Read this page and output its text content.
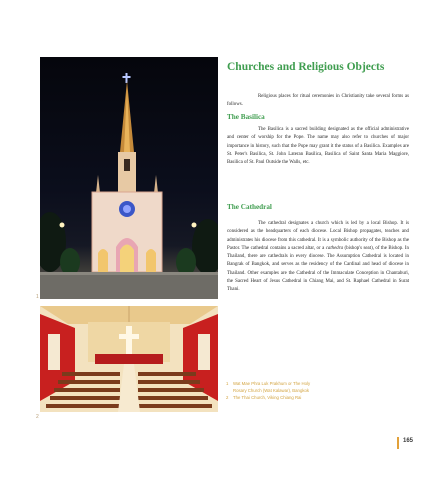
1
2
Churches and Religious Objects

Religious places for ritual ceremonies in Christianity take several forms as follows.

The Basilica

The Basilica is a sacred building designated as the official administrative and center of worship for the Pope. The name may also refer to churches of major importance in history, such that the Pope may grant it the status of a Basilica. Examples are St. Peter's Basilica, St. John Lateran Basilica, Basilica of Saint Santa Maria Maggiore, Basilica of St. Paul Outside the Walls, etc.

The Cathedral

The cathedral designates a church which is led by a local Bishop. It is considered as the headquarters of each diocese. Local Bishop propagates, teaches and administrates his diocese from this cathedral. It is a symbolic authority of the Bishop as the Pastor. The cathedral contains a sacred altar, or a cathedra (bishop's seat), of the Bishop. In Thailand, there are cathedrals in every diocese. The Assumption Cathedral is located in Bangrak of Bangkok, and serves as the residency of the Cardinal and head of diocese in Thailand. Other examples are the Cathedral of the Immaculate Conception in Chantaburi, the Sacred Heart of Jesus Cathedral in Chiang Mai, and St. Raphael Cathedral in Surat Thani.

1	Wat Mae Phra Luk Prakhum or The Holy
Rosary Church (Wat Kalawar), Bangkok
2	The Thai Church, Viking Chiang Rai
165
